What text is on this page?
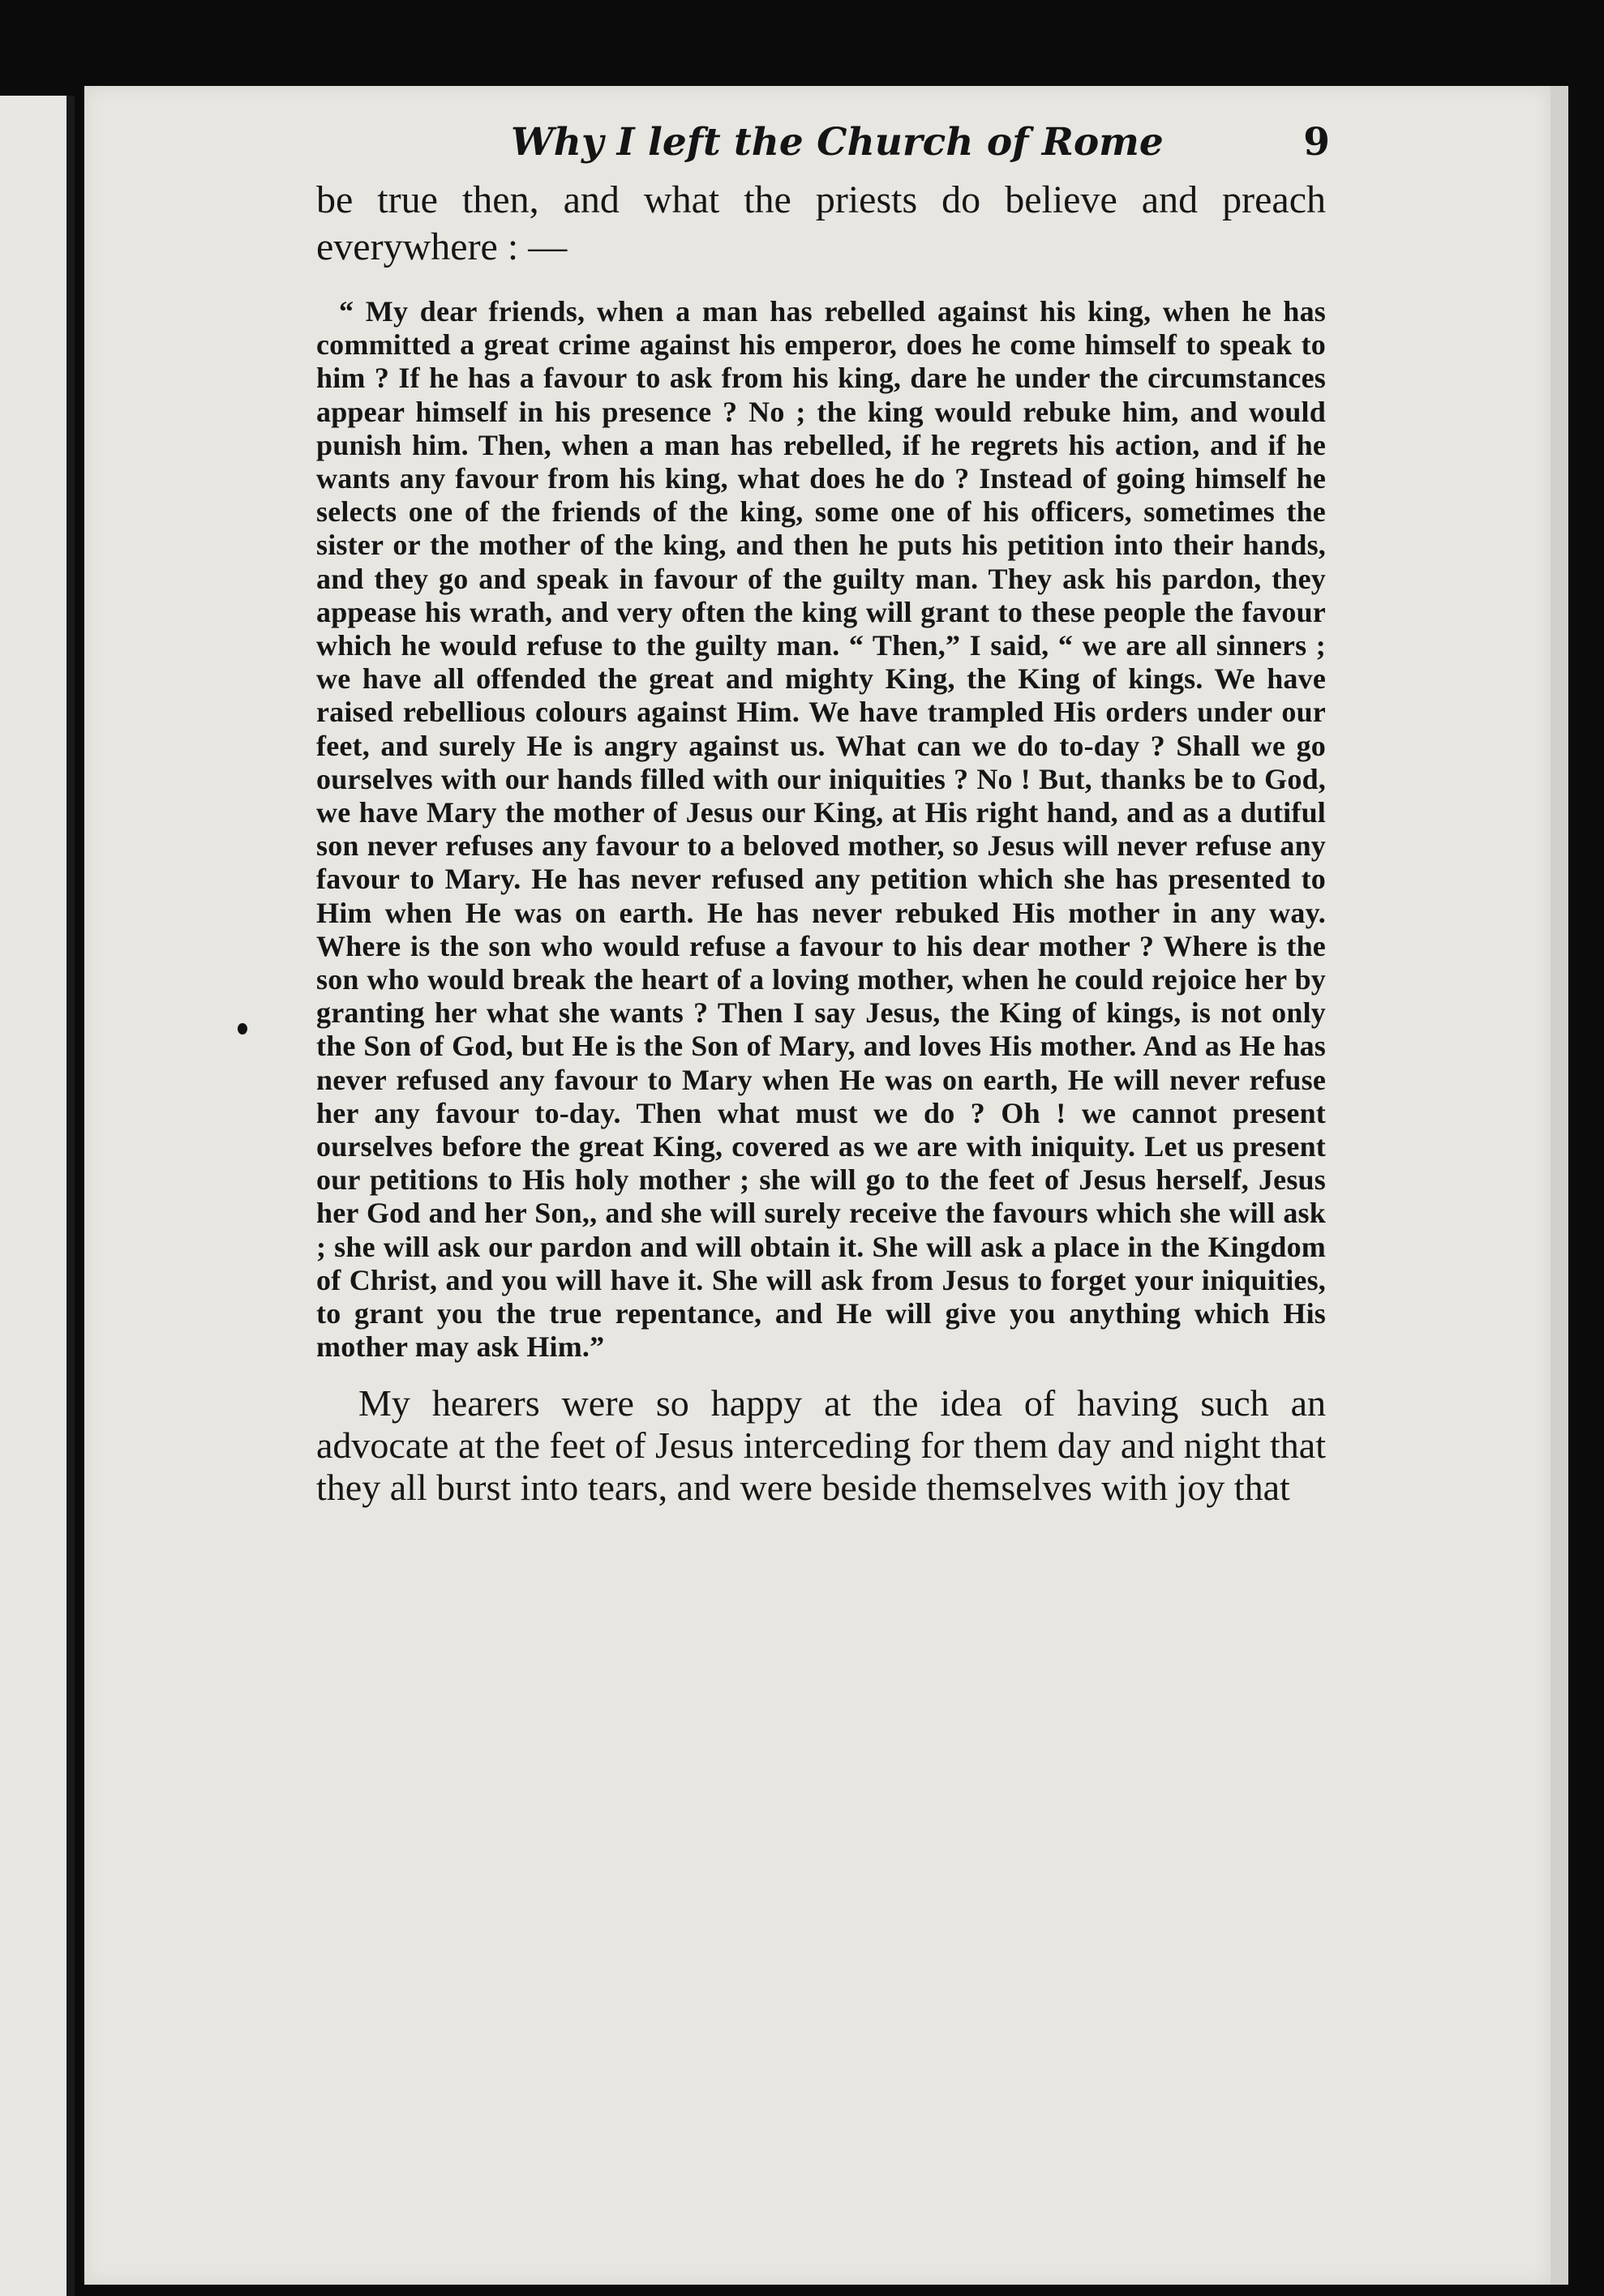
Why I left the Church of Rome	9

be true then, and what the priests do believe and preach everywhere : —

“ My dear friends, when a man has rebelled against his king, when he has committed a great crime against his emperor, does he come himself to speak to him ? If he has a favour to ask from his king, dare he under the circumstances appear himself in his presence ? No ; the king would rebuke him, and would punish him. Then, when a man has rebelled, if he regrets his action, and if he wants any favour from his king, what does he do ? Instead of going himself he selects one of the friends of the king, some one of his officers, sometimes the sister or the mother of the king, and then he puts his petition into their hands, and they go and speak in favour of the guilty man. They ask his pardon, they appease his wrath, and very often the king will grant to these people the favour which he would refuse to the guilty man. “ Then,” I said, “ we are all sinners ; we have all offended the great and mighty King, the King of kings. We have raised rebellious colours against Him. We have trampled His orders under our feet, and surely He is angry against us. What can we do to-day ? Shall we go ourselves with our hands filled with our iniquities ? No ! But, thanks be to God, we have Mary the mother of Jesus our King, at His right hand, and as a dutiful son never refuses any favour to a beloved mother, so Jesus will never refuse any favour to Mary. He has never refused any petition which she has presented to Him when He was on earth. He has never rebuked His mother in any way. Where is the son who would refuse a favour to his dear mother ? Where is the son who would break the heart of a loving mother, when he could rejoice her by granting her what she wants ? Then I say Jesus, the King of kings, is not only the Son of God, but He is the Son of Mary, and loves His mother. And as He has never refused any favour to Mary when He was on earth, He will never refuse her any favour to-day. Then what must we do ? Oh ! we cannot present ourselves before the great King, covered as we are with iniquity. Let us present our petitions to His holy mother ; she will go to the feet of Jesus herself, Jesus her God and her Son,, and she will surely receive the favours which she will ask ; she will ask our pardon and will obtain it. She will ask a place in the Kingdom of Christ, and you will have it. She will ask from Jesus to forget your iniquities, to grant you the true repentance, and He will give you anything which His mother may ask Him.”

My hearers were so happy at the idea of having such an advocate at the feet of Jesus interceding for them day and night that they all burst into tears, and were beside themselves with joy that
